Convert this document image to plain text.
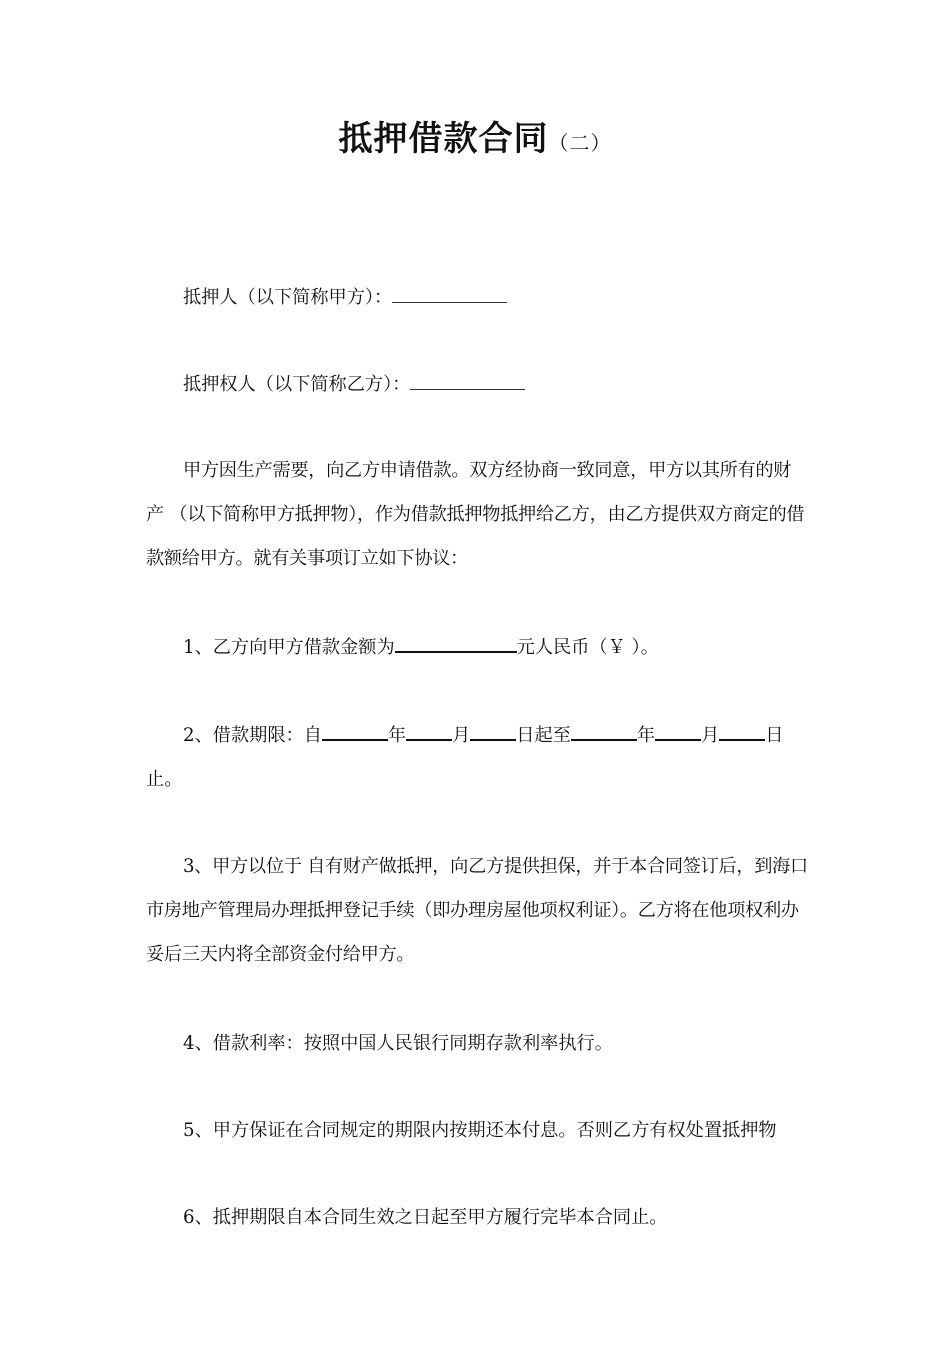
抵押借款合同（二）
抵押人（以下简称甲方）：
抵押权人（以下简称乙方）：
甲方因生产需要，向乙方申请借款。双方经协商一致同意，甲方以其所有的财产 （以下简称甲方抵押物），作为借款抵押物抵押给乙方，由乙方提供双方商定的借款额给甲方。就有关事项订立如下协议：
1、乙方向甲方借款金额为	元人民币（￥ ）。
2、借款期限：自	年	月	日起至	年	月	日
止。
3、甲方以位于 自有财产做抵押，向乙方提供担保，并于本合同签订后，到海口市房地产管理局办理抵押登记手续（即办理房屋他项权利证）。乙方将在他项权利办妥后三天内将全部资金付给甲方。
4、借款利率：按照中国人民银行同期存款利率执行。
5、甲方保证在合同规定的期限内按期还本付息。否则乙方有权处置抵押物
6、抵押期限自本合同生效之日起至甲方履行完毕本合同止。
